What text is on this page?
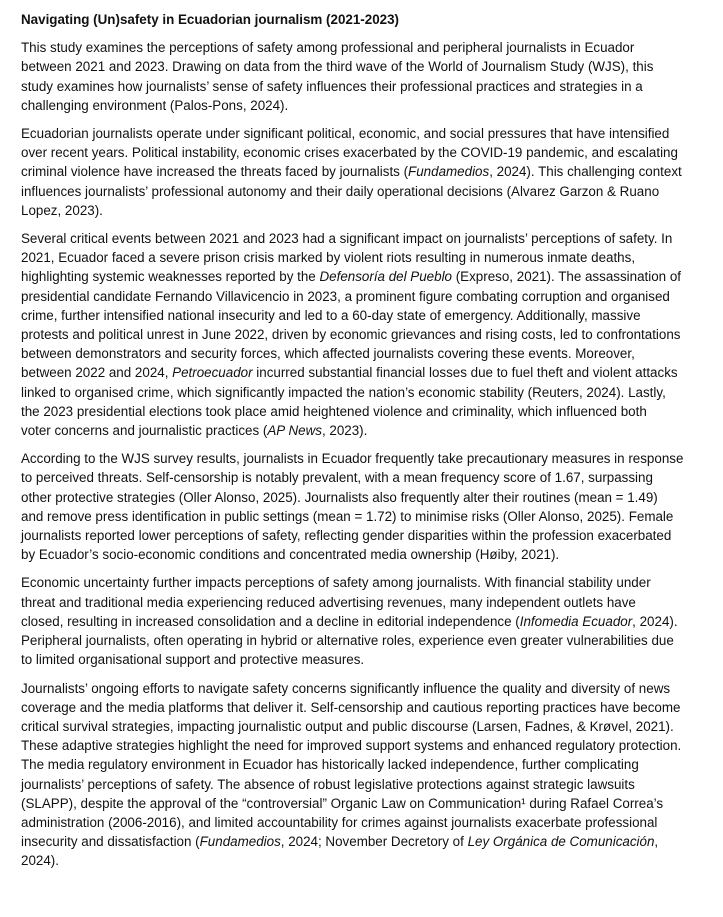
Navigating (Un)safety in Ecuadorian journalism (2021-2023)
This study examines the perceptions of safety among professional and peripheral journalists in Ecuador
between 2021 and 2023. Drawing on data from the third wave of the World of Journalism Study (WJS), this
study examines how journalists’ sense of safety influences their professional practices and strategies in a
challenging environment (Palos-Pons, 2024).
Ecuadorian journalists operate under significant political, economic, and social pressures that have intensified
over recent years. Political instability, economic crises exacerbated by the COVID-19 pandemic, and escalating
criminal violence have increased the threats faced by journalists (Fundamedios, 2024). This challenging context
influences journalists’ professional autonomy and their daily operational decisions (Alvarez Garzon & Ruano
Lopez, 2023).
Several critical events between 2021 and 2023 had a significant impact on journalists’ perceptions of safety. In
2021, Ecuador faced a severe prison crisis marked by violent riots resulting in numerous inmate deaths,
highlighting systemic weaknesses reported by the Defensoría del Pueblo (Expreso, 2021). The assassination of
presidential candidate Fernando Villavicencio in 2023, a prominent figure combating corruption and organised
crime, further intensified national insecurity and led to a 60-day state of emergency. Additionally, massive
protests and political unrest in June 2022, driven by economic grievances and rising costs, led to confrontations
between demonstrators and security forces, which affected journalists covering these events. Moreover,
between 2022 and 2024, Petroecuador incurred substantial financial losses due to fuel theft and violent attacks
linked to organised crime, which significantly impacted the nation’s economic stability (Reuters, 2024). Lastly,
the 2023 presidential elections took place amid heightened violence and criminality, which influenced both
voter concerns and journalistic practices (AP News, 2023).
According to the WJS survey results, journalists in Ecuador frequently take precautionary measures in response
to perceived threats. Self-censorship is notably prevalent, with a mean frequency score of 1.67, surpassing
other protective strategies (Oller Alonso, 2025). Journalists also frequently alter their routines (mean = 1.49)
and remove press identification in public settings (mean = 1.72) to minimise risks (Oller Alonso, 2025). Female
journalists reported lower perceptions of safety, reflecting gender disparities within the profession exacerbated
by Ecuador’s socio-economic conditions and concentrated media ownership (Høiby, 2021).
Economic uncertainty further impacts perceptions of safety among journalists. With financial stability under
threat and traditional media experiencing reduced advertising revenues, many independent outlets have
closed, resulting in increased consolidation and a decline in editorial independence (Infomedia Ecuador, 2024).
Peripheral journalists, often operating in hybrid or alternative roles, experience even greater vulnerabilities due
to limited organisational support and protective measures.
Journalists’ ongoing efforts to navigate safety concerns significantly influence the quality and diversity of news
coverage and the media platforms that deliver it. Self-censorship and cautious reporting practices have become
critical survival strategies, impacting journalistic output and public discourse (Larsen, Fadnes, & Krøvel, 2021).
These adaptive strategies highlight the need for improved support systems and enhanced regulatory protection.
The media regulatory environment in Ecuador has historically lacked independence, further complicating
journalists’ perceptions of safety. The absence of robust legislative protections against strategic lawsuits
(SLAPP), despite the approval of the “controversial” Organic Law on Communication¹ during Rafael Correa’s
administration (2006-2016), and limited accountability for crimes against journalists exacerbate professional
insecurity and dissatisfaction (Fundamedios, 2024; November Decretory of Ley Orgánica de Comunicación,
2024).
